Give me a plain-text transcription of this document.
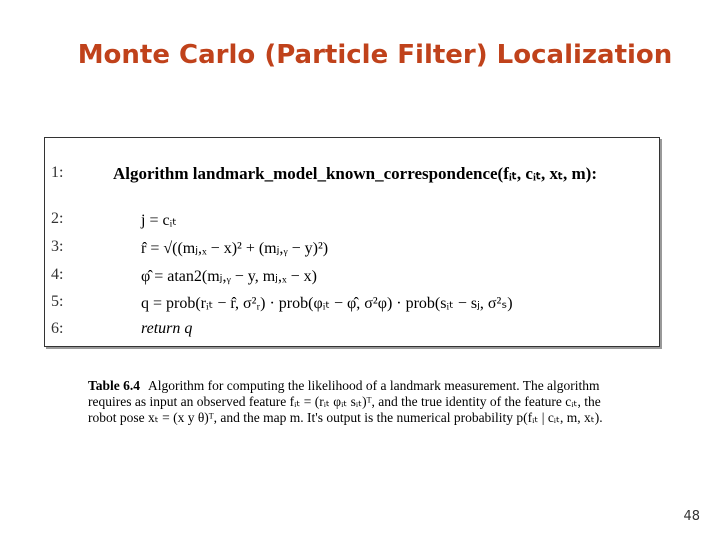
Monte Carlo (Particle Filter) Localization
1:	Algorithm landmark_model_known_correspondence(fᵢₜ, cᵢₜ, xₜ, m):
2:	j = cᵢₜ
3:	r̂ = √((mⱼ,ₓ − x)² + (mⱼ,ᵧ − y)²)
4:	φ̂ = atan2(mⱼ,ᵧ − y, mⱼ,ₓ − x)
5:	q = prob(rᵢₜ − r̂, σ²ᵣ) · prob(φᵢₜ − φ̂, σ²φ) · prob(sᵢₜ − sⱼ, σ²ₛ)
6:	return q
Table 6.4 Algorithm for computing the likelihood of a landmark measurement. The algorithm requires as input an observed feature fᵢₜ = (rᵢₜ φᵢₜ sᵢₜ)ᵀ, and the true identity of the feature cᵢₜ, the robot pose xₜ = (x y θ)ᵀ, and the map m. It's output is the numerical probability p(fᵢₜ | cᵢₜ, m, xₜ).
48
